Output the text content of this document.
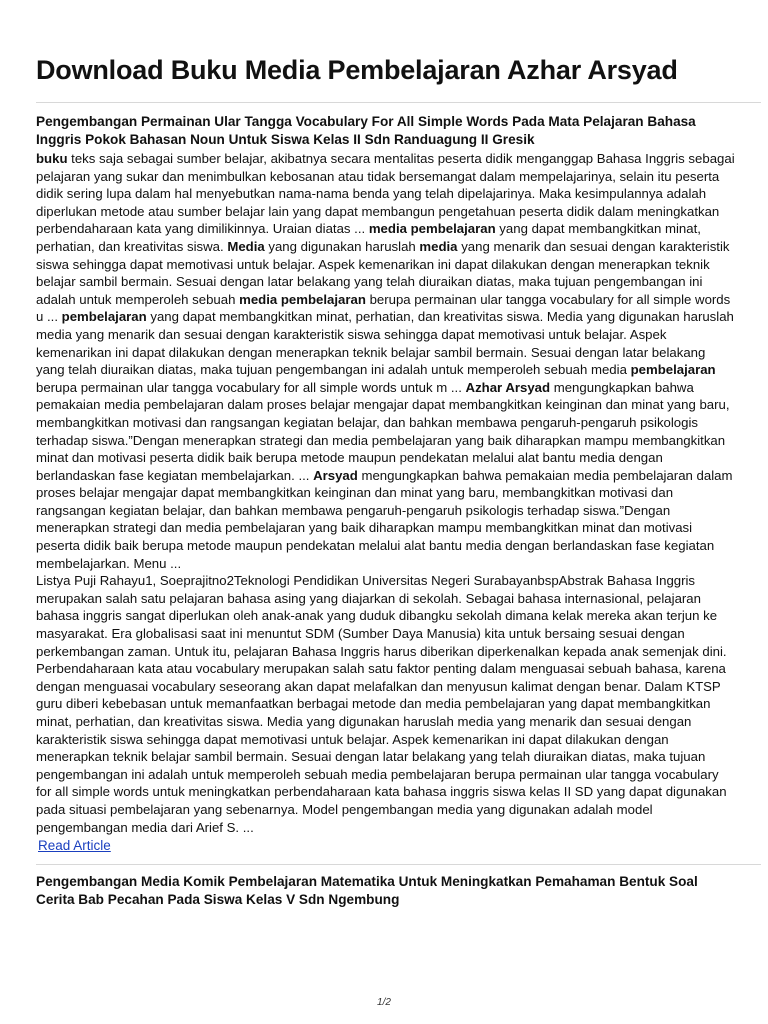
Download Buku Media Pembelajaran Azhar Arsyad
Pengembangan Permainan Ular Tangga Vocabulary For All Simple Words Pada Mata Pelajaran Bahasa Inggris Pokok Bahasan Noun Untuk Siswa Kelas II Sdn Randuagung II Gresik

buku teks saja sebagai sumber belajar, akibatnya secara mentalitas peserta didik menganggap Bahasa Inggris sebagai pelajaran yang sukar dan menimbulkan kebosanan atau tidak bersemangat dalam mempelajarinya, selain itu peserta didik sering lupa dalam hal menyebutkan nama-nama benda yang telah dipelajarinya. Maka kesimpulannya adalah diperlukan metode atau sumber belajar lain yang dapat membangun pengetahuan peserta didik dalam meningkatkan perbendaharaan kata yang dimilikinnya. Uraian diatas ... media pembelajaran yang dapat membangkitkan minat, perhatian, dan kreativitas siswa. Media yang digunakan haruslah media yang menarik dan sesuai dengan karakteristik siswa sehingga dapat memotivasi untuk belajar. Aspek kemenarikan ini dapat dilakukan dengan menerapkan teknik belajar sambil bermain. Sesuai dengan latar belakang yang telah diuraikan diatas, maka tujuan pengembangan ini adalah untuk memperoleh sebuah media pembelajaran berupa permainan ular tangga vocabulary for all simple words u ... pembelajaran yang dapat membangkitkan minat, perhatian, dan kreativitas siswa. Media yang digunakan haruslah media yang menarik dan sesuai dengan karakteristik siswa sehingga dapat memotivasi untuk belajar. Aspek kemenarikan ini dapat dilakukan dengan menerapkan teknik belajar sambil bermain. Sesuai dengan latar belakang yang telah diuraikan diatas, maka tujuan pengembangan ini adalah untuk memperoleh sebuah media pembelajaran berupa permainan ular tangga vocabulary for all simple words untuk m ... Azhar Arsyad mengungkapkan bahwa pemakaian media pembelajaran dalam proses belajar mengajar dapat membangkitkan keinginan dan minat yang baru, membangkitkan motivasi dan rangsangan kegiatan belajar, dan bahkan membawa pengaruh-pengaruh psikologis terhadap siswa.”Dengan menerapkan strategi dan media pembelajaran yang baik diharapkan mampu membangkitkan minat dan motivasi peserta didik baik berupa metode maupun pendekatan melalui alat bantu media dengan berlandaskan fase kegiatan membelajarkan. ... Arsyad mengungkapkan bahwa pemakaian media pembelajaran dalam proses belajar mengajar dapat membangkitkan keinginan dan minat yang baru, membangkitkan motivasi dan rangsangan kegiatan belajar, dan bahkan membawa pengaruh-pengaruh psikologis terhadap siswa.”Dengan menerapkan strategi dan media pembelajaran yang baik diharapkan mampu membangkitkan minat dan motivasi peserta didik baik berupa metode maupun pendekatan melalui alat bantu media dengan berlandaskan fase kegiatan membelajarkan. Menu ...

Listya Puji Rahayu1, Soeprajitno2Teknologi Pendidikan Universitas Negeri SurabayanbspAbstrak Bahasa Inggris merupakan salah satu pelajaran bahasa asing yang diajarkan di sekolah. Sebagai bahasa internasional, pelajaran bahasa inggris sangat diperlukan oleh anak-anak yang duduk dibangku sekolah dimana kelak mereka akan terjun ke masyarakat. Era globalisasi saat ini menuntut SDM (Sumber Daya Manusia) kita untuk bersaing sesuai dengan perkembangan zaman. Untuk itu, pelajaran Bahasa Inggris harus diberikan diperkenalkan kepada anak semenjak dini. Perbendaharaan kata atau vocabulary merupakan salah satu faktor penting dalam menguasai sebuah bahasa, karena dengan menguasai vocabulary seseorang akan dapat melafalkan dan menyusun kalimat dengan benar. Dalam KTSP guru diberi kebebasan untuk memanfaatkan berbagai metode dan media pembelajaran yang dapat membangkitkan minat, perhatian, dan kreativitas siswa. Media yang digunakan haruslah media yang menarik dan sesuai dengan karakteristik siswa sehingga dapat memotivasi untuk belajar. Aspek kemenarikan ini dapat dilakukan dengan menerapkan teknik belajar sambil bermain. Sesuai dengan latar belakang yang telah diuraikan diatas, maka tujuan pengembangan ini adalah untuk memperoleh sebuah media pembelajaran berupa permainan ular tangga vocabulary for all simple words untuk meningkatkan perbendaharaan kata bahasa inggris siswa kelas II SD yang dapat digunakan pada situasi pembelajaran yang sebenarnya. Model pengembangan media yang digunakan adalah model pengembangan media dari Arief S. ...

Read Article
Pengembangan Media Komik Pembelajaran Matematika Untuk Meningkatkan Pemahaman Bentuk Soal Cerita Bab Pecahan Pada Siswa Kelas V Sdn Ngembung
1/2
